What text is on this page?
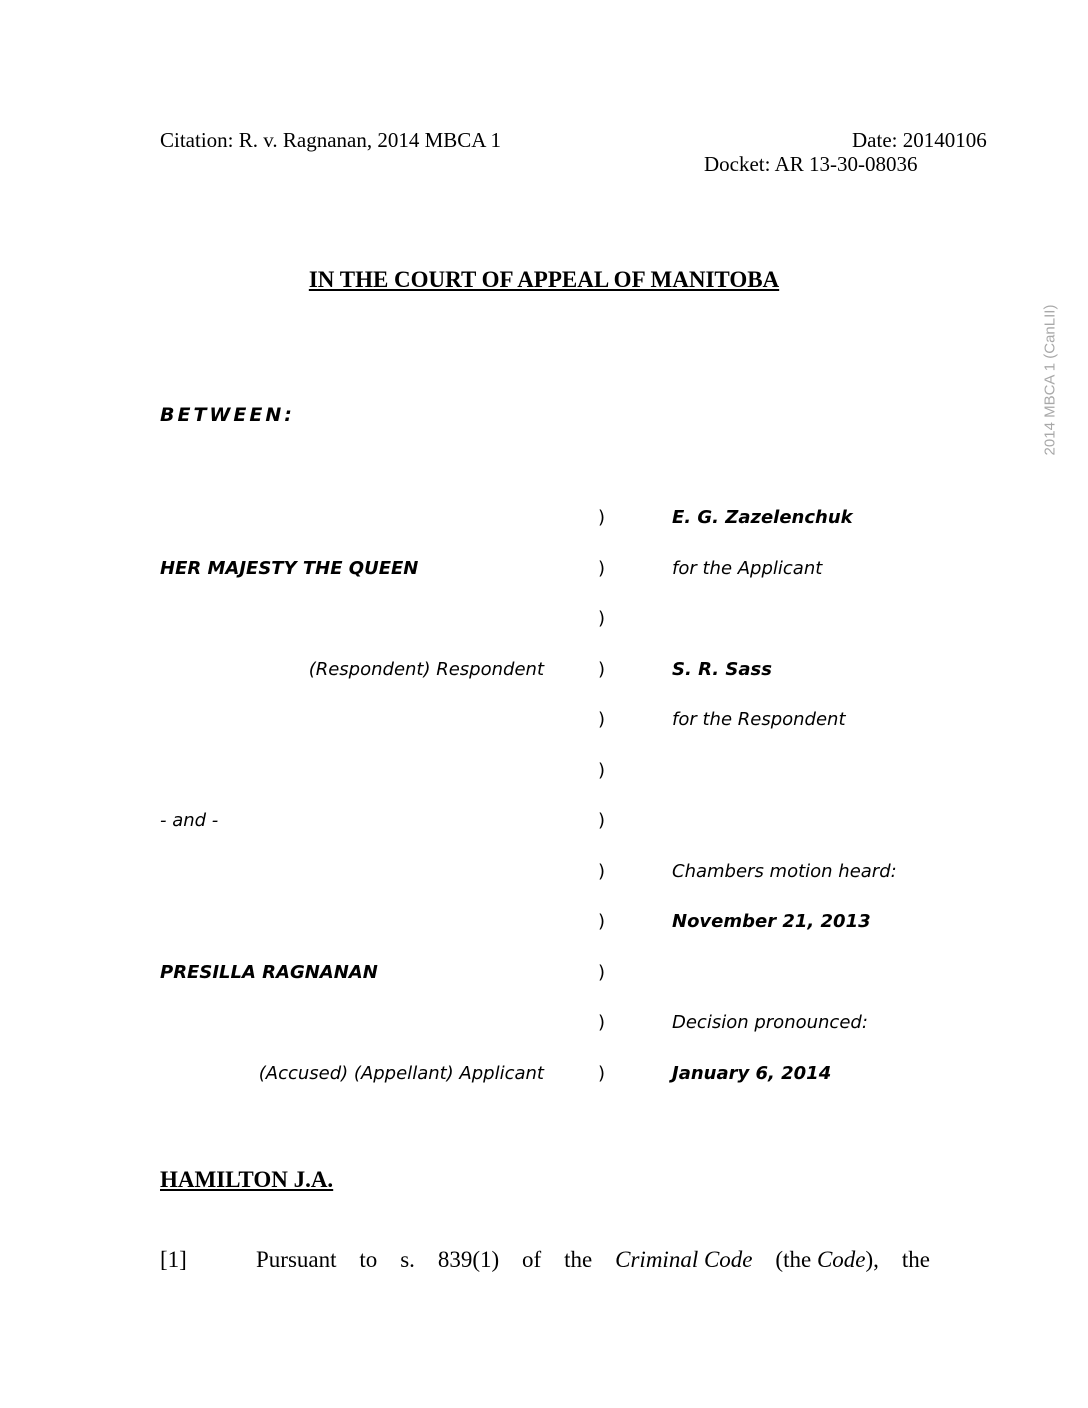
Citation: R. v. Ragnanan, 2014 MBCA 1	Date: 20140106
Docket: AR 13-30-08036
IN THE COURT OF APPEAL OF MANITOBA
2014 MBCA 1 (CanLII)
BETWEEN:
)	E. G. Zazelenchuk
HER MAJESTY THE QUEEN	)	for the Applicant
)
(Respondent) Respondent	)	S. R. Sass
)	for the Respondent
)
- and -	)
)	Chambers motion heard:
)	November 21, 2013
PRESILLA RAGNANAN	)
)	Decision pronounced:
(Accused) (Appellant) Applicant	)	January 6, 2014
HAMILTON J.A.
[1]	Pursuant to s. 839(1) of the Criminal Code (the Code), the
